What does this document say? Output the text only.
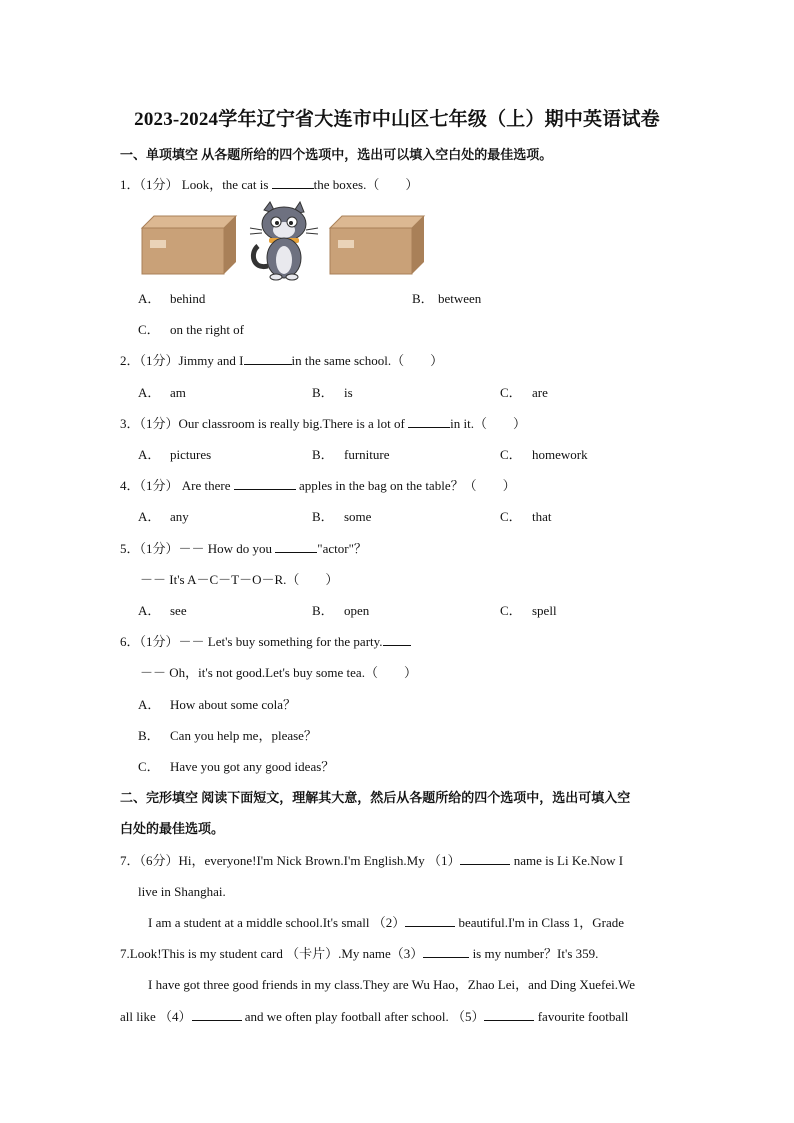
2023-2024学年辽宁省大连市中山区七年级（上）期中英语试卷
一、单项填空 从各题所给的四个选项中，选出可以填入空白处的最佳选项。
1．（1分） Look，the cat is	the boxes.（　　）
A． behind	B． between
C． on the right of
2．（1分）Jimmy and I	in the same school.（　　）
A． am	B． is	C． are
3．（1分）Our classroom is really big.There is a lot of	in it.（　　）
A． pictures	B． furniture	C． homework
4．（1分） Are there	apples in the bag on the table？（　　）
A． any	B． some	C． that
5．（1分）－－ How do you	"actor"？
－－ It's A－C－T－O－R.（　　）
A． see	B． open	C． spell
6．（1分）－－ Let's buy something for the party.
－－ Oh，it's not good.Let's buy some tea.（　　）
A． How about some cola？
B． Can you help me，please？
C． Have you got any good ideas？
二、完形填空 阅读下面短文，理解其大意，然后从各题所给的四个选项中，选出可填入空
白处的最佳选项。
7．（6分）Hi，everyone!I'm Nick Brown.I'm English.My （1）	name is Li Ke.Now I
live in Shanghai.
I am a student at a middle school.It's small （2）	beautiful.I'm in Class 1，Grade
7.Look!This is my student card （卡片）.My name（3）	is my number？It's 359.
I have got three good friends in my class.They are Wu Hao，Zhao Lei，and Ding Xuefei.We
all like （4）	and we often play football after school. （5）	favourite football
